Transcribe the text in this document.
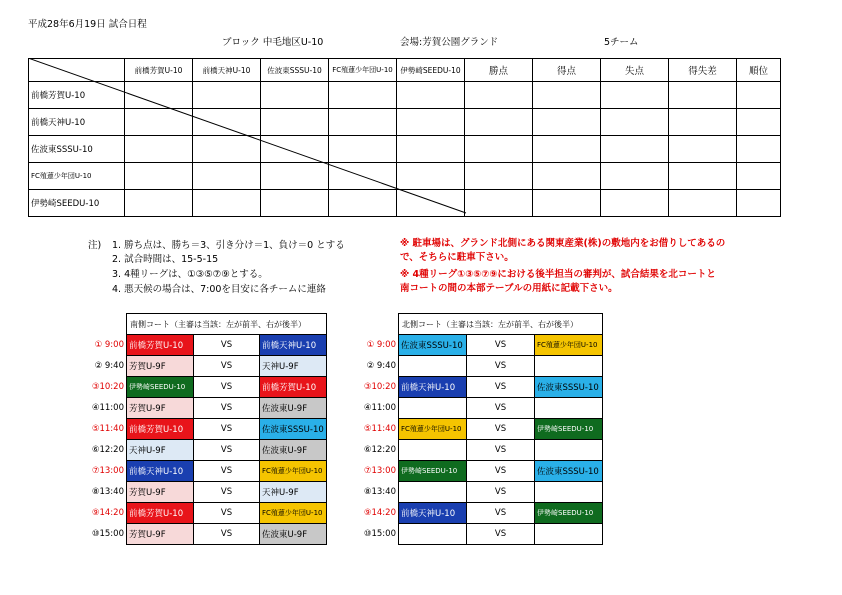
平成28年6月19日 試合日程
ブロック 中毛地区U-10	会場:芳賀公園グランド	5チーム
	前橋芳賀U-10	前橋天神U-10	佐波東SSSU-10	FC殖蓮少年団U-10	伊勢崎SEEDU-10	勝点	得点	失点	得失差	順位
前橋芳賀U-10										
前橋天神U-10										
佐波東SSSU-10										
FC殖蓮少年団U-10										
伊勢崎SEEDU-10										
注) 1. 勝ち点は、勝ち＝3、引き分け＝1、負け＝0 とする
2. 試合時間は、15-5-15
3. 4種リーグは、①③⑤⑦⑨とする。
4. 悪天候の場合は、7:00を目安に各チームに連絡
※ 駐車場は、グランド北側にある関東産業(株)の敷地内をお借りしてあるの
で、そちらに駐車下さい。
※ 4種リーグ①③⑤⑦⑨における後半担当の審判が、試合結果を北コートと
南コートの間の本部テーブルの用紙に記載下さい。
	南側コート（主審は当該：左が前半、右が後半）		
① 9:00	前橋芳賀U-10	VS	前橋天神U-10
② 9:40	芳賀U-9F	VS	天神U-9F
③10:20	伊勢崎SEEDU-10	VS	前橋芳賀U-10
④11:00	芳賀U-9F	VS	佐波東U-9F
⑤11:40	前橋芳賀U-10	VS	佐波東SSSU-10
⑥12:20	天神U-9F	VS	佐波東U-9F
⑦13:00	前橋天神U-10	VS	FC殖蓮少年団U-10
⑧13:40	芳賀U-9F	VS	天神U-9F
⑨14:20	前橋芳賀U-10	VS	FC殖蓮少年団U-10
⑩15:00	芳賀U-9F	VS	佐波東U-9F
	北側コート（主審は当該：左が前半、右が後半）		
① 9:00	佐波東SSSU-10	VS	FC殖蓮少年団U-10
② 9:40		VS	
③10:20	前橋天神U-10	VS	佐波東SSSU-10
④11:00		VS	
⑤11:40	FC殖蓮少年団U-10	VS	伊勢崎SEEDU-10
⑥12:20		VS	
⑦13:00	伊勢崎SEEDU-10	VS	佐波東SSSU-10
⑧13:40		VS	
⑨14:20	前橋天神U-10	VS	伊勢崎SEEDU-10
⑩15:00		VS	
